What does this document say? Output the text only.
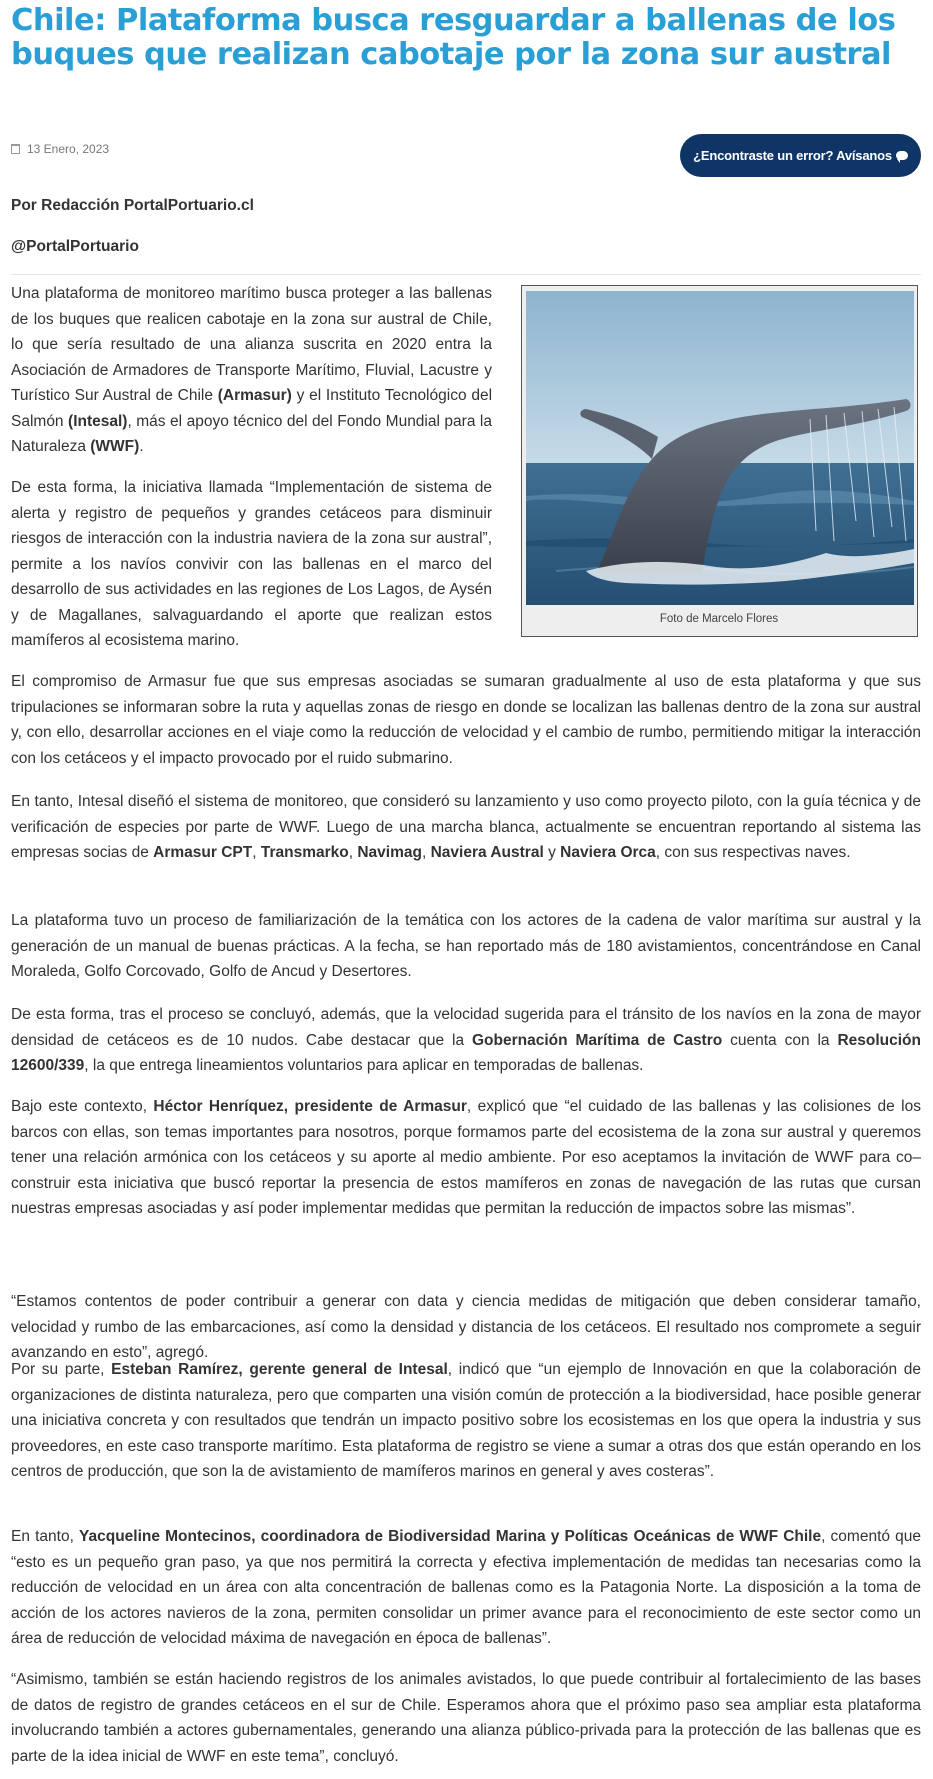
Chile: Plataforma busca resguardar a ballenas de los buques que realizan cabotaje por la zona sur austral
13 Enero, 2023	¿Encontraste un error? Avísanos
Por Redacción PortalPortuario.cl
@PortalPortuario
Foto de Marcelo Flores

Una plataforma de monitoreo marítimo busca proteger a las ballenas de los buques que realicen cabotaje en la zona sur austral de Chile, lo que sería resultado de una alianza suscrita en 2020 entra la Asociación de Armadores de Transporte Marítimo, Fluvial, Lacustre y Turístico Sur Austral de Chile (Armasur) y el Instituto Tecnológico del Salmón (Intesal), más el apoyo técnico del del Fondo Mundial para la Naturaleza (WWF).

De esta forma, la iniciativa llamada “Implementación de sistema de alerta y registro de pequeños y grandes cetáceos para disminuir riesgos de interacción con la industria naviera de la zona sur austral”, permite a los navíos convivir con las ballenas en el marco del desarrollo de sus actividades en las regiones de Los Lagos, de Aysén y de Magallanes, salvaguardando el aporte que realizan estos mamíferos al ecosistema marino.

El compromiso de Armasur fue que sus empresas asociadas se sumaran gradualmente al uso de esta plataforma y que sus tripulaciones se informaran sobre la ruta y aquellas zonas de riesgo en donde se localizan las ballenas dentro de la zona sur austral y, con ello, desarrollar acciones en el viaje como la reducción de velocidad y el cambio de rumbo, permitiendo mitigar la interacción con los cetáceos y el impacto provocado por el ruido submarino.

En tanto, Intesal diseñó el sistema de monitoreo, que consideró su lanzamiento y uso como proyecto piloto, con la guía técnica y de verificación de especies por parte de WWF. Luego de una marcha blanca, actualmente se encuentran reportando al sistema las empresas socias de Armasur CPT, Transmarko, Navimag, Naviera Austral y Naviera Orca, con sus respectivas naves.

La plataforma tuvo un proceso de familiarización de la temática con los actores de la cadena de valor marítima sur austral y la generación de un manual de buenas prácticas. A la fecha, se han reportado más de 180 avistamientos, concentrándose en Canal Moraleda, Golfo Corcovado, Golfo de Ancud y Desertores.

De esta forma, tras el proceso se concluyó, además, que la velocidad sugerida para el tránsito de los navíos en la zona de mayor densidad de cetáceos es de 10 nudos. Cabe destacar que la Gobernación Marítima de Castro cuenta con la Resolución 12600/339, la que entrega lineamientos voluntarios para aplicar en temporadas de ballenas.

Bajo este contexto, Héctor Henríquez, presidente de Armasur, explicó que “el cuidado de las ballenas y las colisiones de los barcos con ellas, son temas importantes para nosotros, porque formamos parte del ecosistema de la zona sur austral y queremos tener una relación armónica con los cetáceos y su aporte al medio ambiente. Por eso aceptamos la invitación de WWF para co–construir esta iniciativa que buscó reportar la presencia de estos mamíferos en zonas de navegación de las rutas que cursan nuestras empresas asociadas y así poder implementar medidas que permitan la reducción de impactos sobre las mismas”.

“Estamos contentos de poder contribuir a generar con data y ciencia medidas de mitigación que deben considerar tamaño, velocidad y rumbo de las embarcaciones, así como la densidad y distancia de los cetáceos. El resultado nos compromete a seguir avanzando en esto”, agregó.

Por su parte, Esteban Ramírez, gerente general de Intesal, indicó que “un ejemplo de Innovación en que la colaboración de organizaciones de distinta naturaleza, pero que comparten una visión común de protección a la biodiversidad, hace posible generar una iniciativa concreta y con resultados que tendrán un impacto positivo sobre los ecosistemas en los que opera la industria y sus proveedores, en este caso transporte marítimo. Esta plataforma de registro se viene a sumar a otras dos que están operando en los centros de producción, que son la de avistamiento de mamíferos marinos en general y aves costeras”.

En tanto, Yacqueline Montecinos, coordinadora de Biodiversidad Marina y Políticas Oceánicas de WWF Chile, comentó que “esto es un pequeño gran paso, ya que nos permitirá la correcta y efectiva implementación de medidas tan necesarias como la reducción de velocidad en un área con alta concentración de ballenas como es la Patagonia Norte. La disposición a la toma de acción de los actores navieros de la zona, permiten consolidar un primer avance para el reconocimiento de este sector como un área de reducción de velocidad máxima de navegación en época de ballenas”.

“Asimismo, también se están haciendo registros de los animales avistados, lo que puede contribuir al fortalecimiento de las bases de datos de registro de grandes cetáceos en el sur de Chile. Esperamos ahora que el próximo paso sea ampliar esta plataforma involucrando también a actores gubernamentales, generando una alianza público-privada para la protección de las ballenas que es parte de la idea inicial de WWF en este tema”, concluyó.
